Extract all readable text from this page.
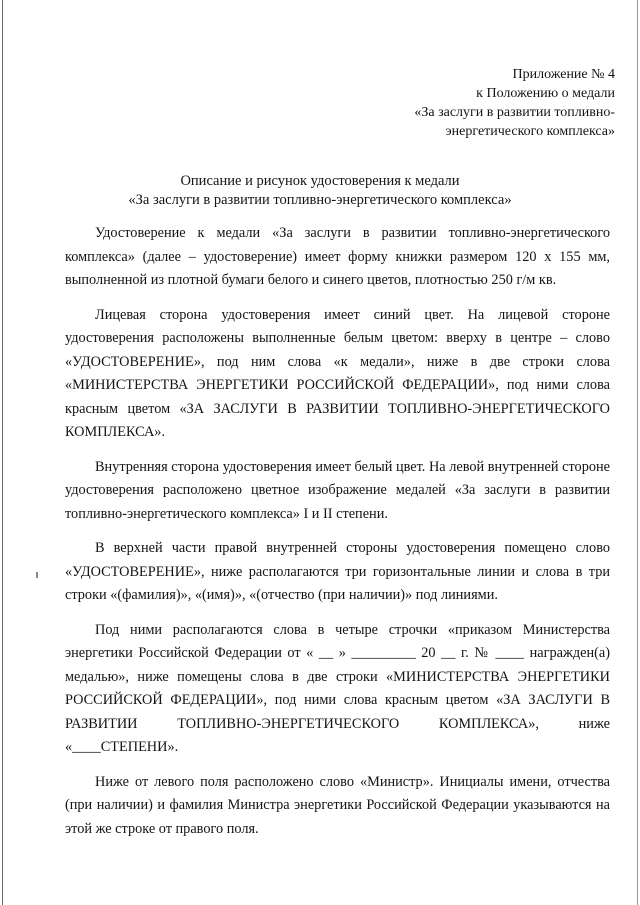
Приложение № 4
к Положению о медали
«За заслуги в развитии топливно-
энергетического комплекса»
Описание и рисунок удостоверения к медали
«За заслуги в развитии топливно-энергетического комплекса»

Удостоверение к медали «За заслуги в развитии топливно-энергетического комплекса» (далее – удостоверение) имеет форму книжки размером 120 х 155 мм, выполненной из плотной бумаги белого и синего цветов, плотностью 250 г/м кв.

Лицевая сторона удостоверения имеет синий цвет. На лицевой стороне удостоверения расположены выполненные белым цветом: вверху в центре – слово «УДОСТОВЕРЕНИЕ», под ним слова «к медали», ниже в две строки слова «МИНИСТЕРСТВА ЭНЕРГЕТИКИ РОССИЙСКОЙ ФЕДЕРАЦИИ», под ними слова красным цветом «ЗА ЗАСЛУГИ В РАЗВИТИИ ТОПЛИВНО-ЭНЕРГЕТИЧЕСКОГО КОМПЛЕКСА».

Внутренняя сторона удостоверения имеет белый цвет. На левой внутренней стороне удостоверения расположено цветное изображение медалей «За заслуги в развитии топливно-энергетического комплекса» I и II степени.

В верхней части правой внутренней стороны удостоверения помещено слово «УДОСТОВЕРЕНИЕ», ниже располагаются три горизонтальные линии и слова в три строки «(фамилия)», «(имя)», «(отчество (при наличии)» под линиями.

Под ними располагаются слова в четыре строчки «приказом Министерства энергетики Российской Федерации от « __ » _________ 20 __ г. № ____ награжден(а) медалью», ниже помещены слова в две строки «МИНИСТЕРСТВА ЭНЕРГЕТИКИ РОССИЙСКОЙ ФЕДЕРАЦИИ», под ними слова красным цветом «ЗА ЗАСЛУГИ В РАЗВИТИИ ТОПЛИВНО-ЭНЕРГЕТИЧЕСКОГО КОМПЛЕКСА», ниже «____СТЕПЕНИ».

Ниже от левого поля расположено слово «Министр». Инициалы имени, отчества (при наличии) и фамилия Министра энергетики Российской Федерации указываются на этой же строке от правого поля.
